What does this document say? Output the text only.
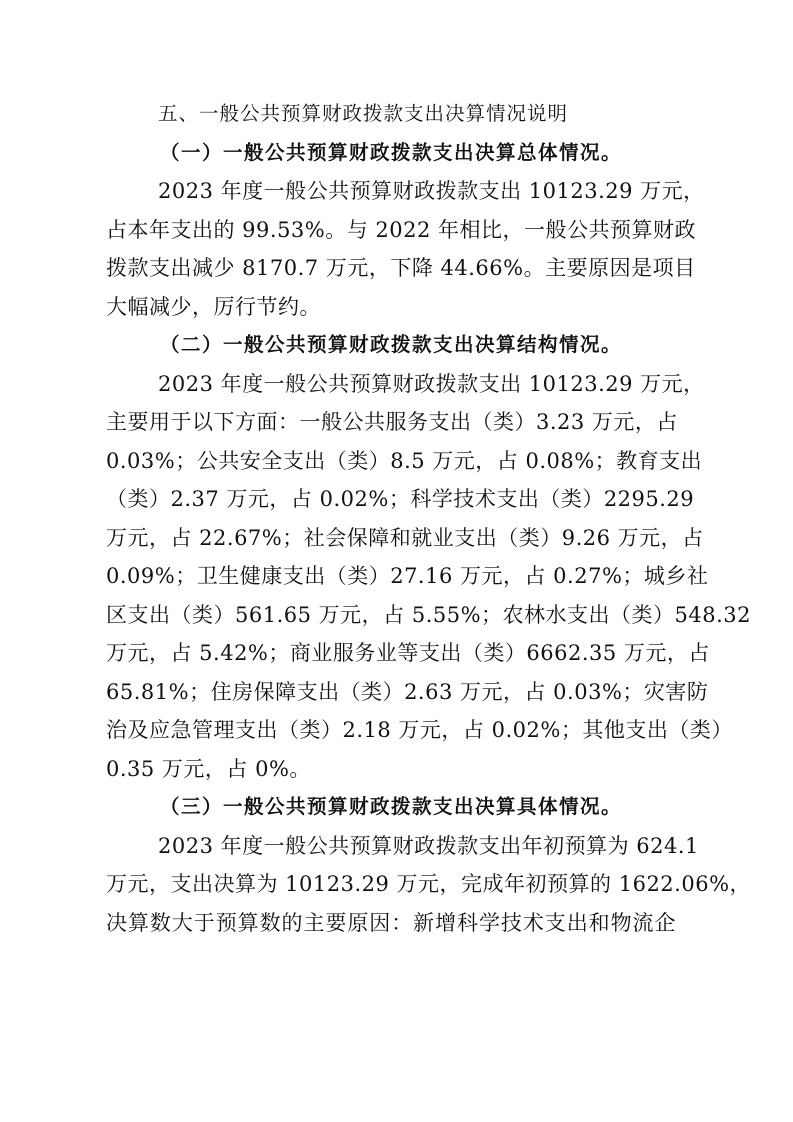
五、一般公共预算财政拨款支出决算情况说明
（一）一般公共预算财政拨款支出决算总体情况。
2023 年度一般公共预算财政拨款支出 10123.29 万元，
占本年支出的 99.53%。与 2022 年相比，一般公共预算财政
拨款支出减少 8170.7 万元，下降 44.66%。主要原因是项目
大幅减少，厉行节约。
（二）一般公共预算财政拨款支出决算结构情况。
2023 年度一般公共预算财政拨款支出 10123.29 万元，
主要用于以下方面：一般公共服务支出（类）3.23 万元，占
0.03%；公共安全支出（类）8.5 万元，占 0.08%；教育支出
（类）2.37 万元，占 0.02%；科学技术支出（类）2295.29
万元，占 22.67%；社会保障和就业支出（类）9.26 万元，占
0.09%；卫生健康支出（类）27.16 万元，占 0.27%；城乡社
区支出（类）561.65 万元，占 5.55%；农林水支出（类）548.32
万元，占 5.42%；商业服务业等支出（类）6662.35 万元，占
65.81%；住房保障支出（类）2.63 万元，占 0.03%；灾害防
治及应急管理支出（类）2.18 万元，占 0.02%；其他支出（类）
0.35 万元，占 0%。
（三）一般公共预算财政拨款支出决算具体情况。
2023 年度一般公共预算财政拨款支出年初预算为 624.1
万元，支出决算为 10123.29 万元，完成年初预算的 1622.06%，
决算数大于预算数的主要原因：新增科学技术支出和物流企
